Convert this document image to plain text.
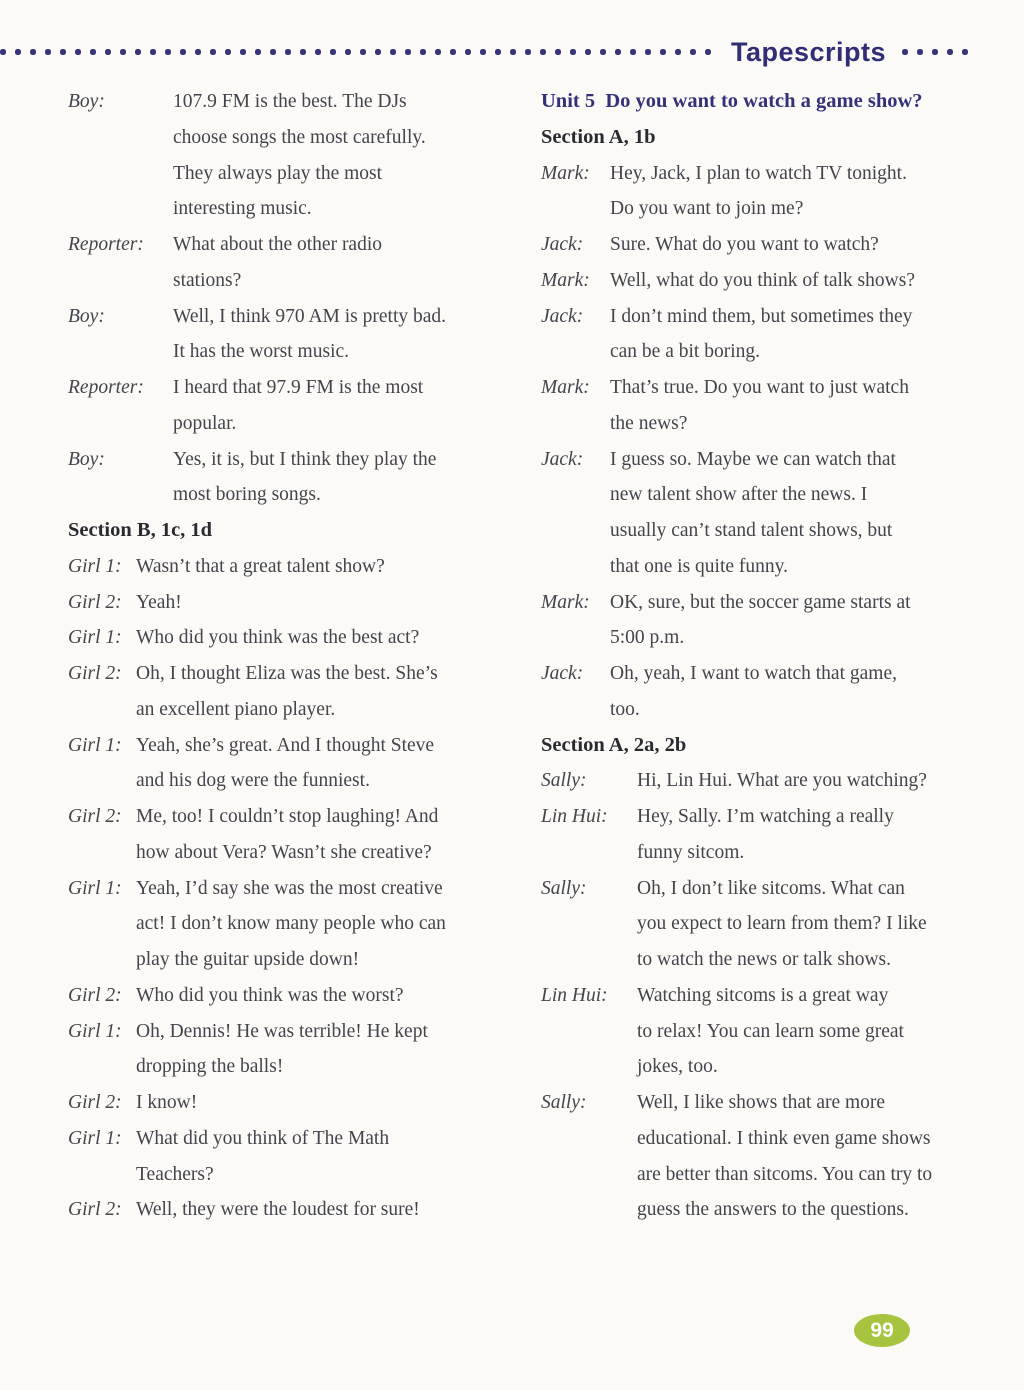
Tapescripts
Boy:	107.9 FM is the best. The DJs
choose songs the most carefully.
They always play the most
interesting music.
Reporter:	What about the other radio
stations?
Boy:	Well, I think 970 AM is pretty bad.
It has the worst music.
Reporter:	I heard that 97.9 FM is the most
popular.
Boy:	Yes, it is, but I think they play the
most boring songs.
Section B, 1c, 1d
Girl 1: Wasn’t that a great talent show?
Girl 2: Yeah!
Girl 1: Who did you think was the best act?
Girl 2: Oh, I thought Eliza was the best. She’s
an excellent piano player.
Girl 1: Yeah, she’s great. And I thought Steve
and his dog were the funniest.
Girl 2: Me, too! I couldn’t stop laughing! And
how about Vera? Wasn’t she creative?
Girl 1: Yeah, I’d say she was the most creative
act! I don’t know many people who can
play the guitar upside down!
Girl 2: Who did you think was the worst?
Girl 1: Oh, Dennis! He was terrible! He kept
dropping the balls!
Girl 2: I know!
Girl 1: What did you think of The Math
Teachers?
Girl 2: Well, they were the loudest for sure!
Unit 5  Do you want to watch a game show?
Section A, 1b
Mark:	Hey, Jack, I plan to watch TV tonight.
Do you want to join me?
Jack:	Sure. What do you want to watch?
Mark:	Well, what do you think of talk shows?
Jack:	I don’t mind them, but sometimes they
can be a bit boring.
Mark:	That’s true. Do you want to just watch
the news?
Jack:	I guess so. Maybe we can watch that
new talent show after the news. I
usually can’t stand talent shows, but
that one is quite funny.
Mark:	OK, sure, but the soccer game starts at
5:00 p.m.
Jack:	Oh, yeah, I want to watch that game,
too.
Section A, 2a, 2b
Sally:	Hi, Lin Hui. What are you watching?
Lin Hui:	Hey, Sally. I’m watching a really
funny sitcom.
Sally:	Oh, I don’t like sitcoms. What can
you expect to learn from them? I like
to watch the news or talk shows.
Lin Hui:	Watching sitcoms is a great way
to relax! You can learn some great
jokes, too.
Sally:	Well, I like shows that are more
educational. I think even game shows
are better than sitcoms. You can try to
guess the answers to the questions.
99
